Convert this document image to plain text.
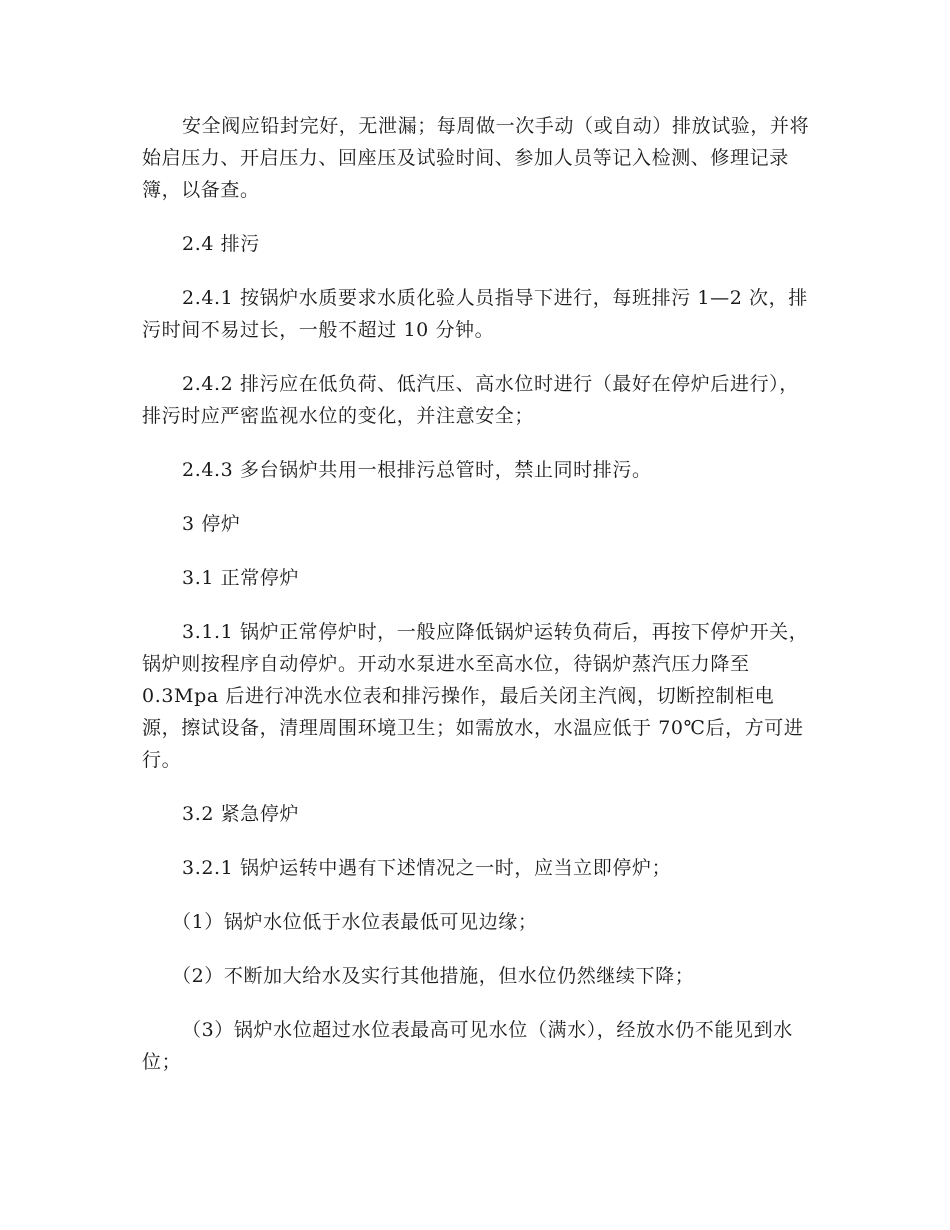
安全阀应铅封完好，无泄漏；每周做一次手动（或自动）排放试验，并将始启压力、开启压力、回座压及试验时间、参加人员等记入检测、修理记录簿，以备查。

2.4 排污

2.4.1 按锅炉水质要求水质化验人员指导下进行，每班排污 1—2 次，排污时间不易过长，一般不超过 10 分钟。

2.4.2 排污应在低负荷、低汽压、高水位时进行（最好在停炉后进行），排污时应严密监视水位的变化，并注意安全；

2.4.3 多台锅炉共用一根排污总管时，禁止同时排污。

3 停炉

3.1 正常停炉

3.1.1 锅炉正常停炉时，一般应降低锅炉运转负荷后，再按下停炉开关，锅炉则按程序自动停炉。开动水泵进水至高水位，待锅炉蒸汽压力降至 0.3Mpa 后进行冲洗水位表和排污操作，最后关闭主汽阀，切断控制柜电源，擦试设备，清理周围环境卫生；如需放水，水温应低于 70℃后，方可进行。

3.2 紧急停炉

3.2.1 锅炉运转中遇有下述情况之一时，应当立即停炉；

（1）锅炉水位低于水位表最低可见边缘；

（2）不断加大给水及实行其他措施，但水位仍然继续下降；

（3）锅炉水位超过水位表最高可见水位（满水），经放水仍不能见到水位；
